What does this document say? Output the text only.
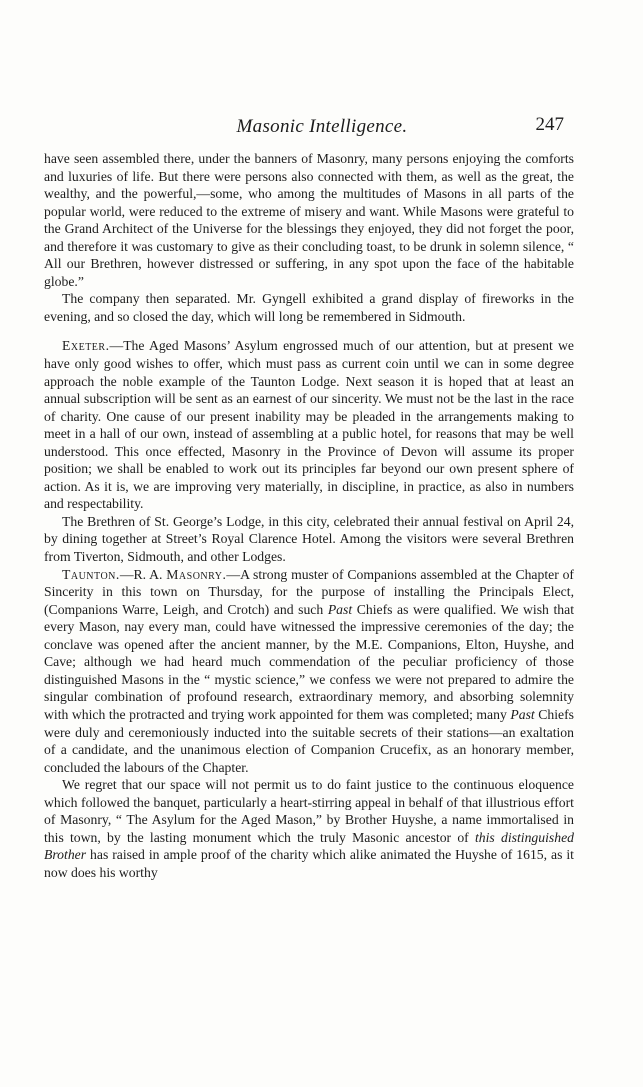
Masonic Intelligence.	247

have seen assembled there, under the banners of Masonry, many persons enjoying the comforts and luxuries of life. But there were persons also connected with them, as well as the great, the wealthy, and the powerful,—some, who among the multitudes of Masons in all parts of the popular world, were reduced to the extreme of misery and want. While Masons were grateful to the Grand Architect of the Universe for the blessings they enjoyed, they did not forget the poor, and therefore it was customary to give as their concluding toast, to be drunk in solemn silence, “ All our Brethren, however distressed or suffering, in any spot upon the face of the habitable globe.”

The company then separated. Mr. Gyngell exhibited a grand display of fireworks in the evening, and so closed the day, which will long be remembered in Sidmouth.

Exeter.—The Aged Masons’ Asylum engrossed much of our attention, but at present we have only good wishes to offer, which must pass as current coin until we can in some degree approach the noble example of the Taunton Lodge. Next season it is hoped that at least an annual subscription will be sent as an earnest of our sincerity. We must not be the last in the race of charity. One cause of our present inability may be pleaded in the arrangements making to meet in a hall of our own, instead of assembling at a public hotel, for reasons that may be well understood. This once effected, Masonry in the Province of Devon will assume its proper position; we shall be enabled to work out its principles far beyond our own present sphere of action. As it is, we are improving very materially, in discipline, in practice, as also in numbers and respectability.

The Brethren of St. George’s Lodge, in this city, celebrated their annual festival on April 24, by dining together at Street’s Royal Clarence Hotel. Among the visitors were several Brethren from Tiverton, Sidmouth, and other Lodges.

Taunton.—R. A. Masonry.—A strong muster of Companions assembled at the Chapter of Sincerity in this town on Thursday, for the purpose of installing the Principals Elect, (Companions Warre, Leigh, and Crotch) and such Past Chiefs as were qualified. We wish that every Mason, nay every man, could have witnessed the impressive ceremonies of the day; the conclave was opened after the ancient manner, by the M.E. Companions, Elton, Huyshe, and Cave; although we had heard much commendation of the peculiar proficiency of those distinguished Masons in the “ mystic science,” we confess we were not prepared to admire the singular combination of profound research, extraordinary memory, and absorbing solemnity with which the protracted and trying work appointed for them was completed; many Past Chiefs were duly and ceremoniously inducted into the suitable secrets of their stations—an exaltation of a candidate, and the unanimous election of Companion Crucefix, as an honorary member, concluded the labours of the Chapter.

We regret that our space will not permit us to do faint justice to the continuous eloquence which followed the banquet, particularly a heart-stirring appeal in behalf of that illustrious effort of Masonry, “ The Asylum for the Aged Mason,” by Brother Huyshe, a name immortalised in this town, by the lasting monument which the truly Masonic ancestor of this distinguished Brother has raised in ample proof of the charity which alike animated the Huyshe of 1615, as it now does his worthy
